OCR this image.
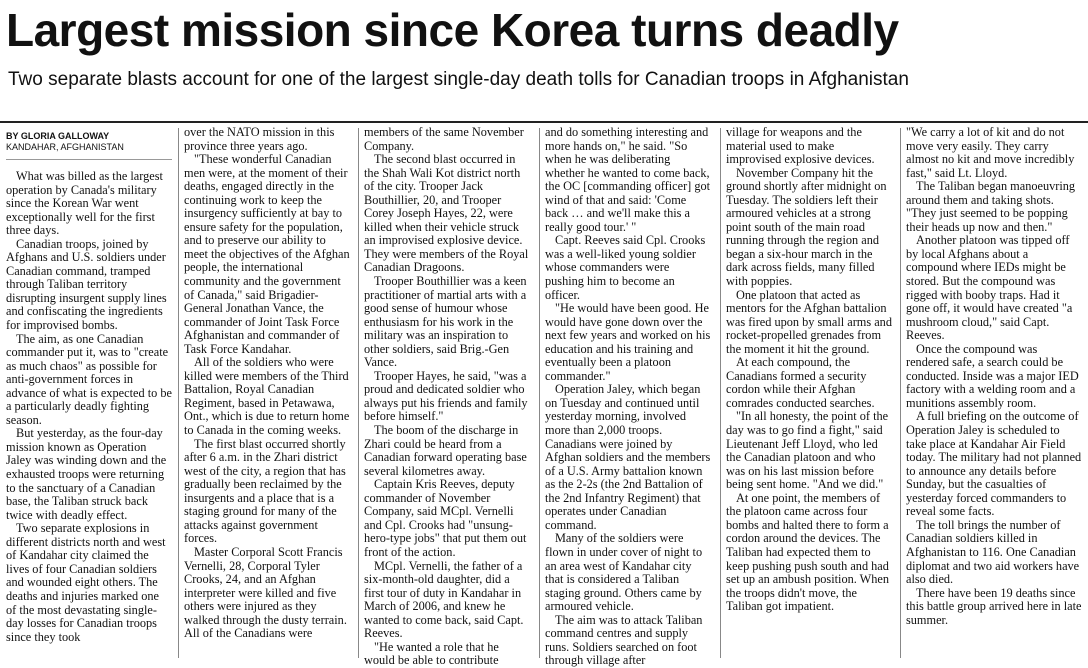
Largest mission since Korea turns deadly

Two separate blasts account for one of the largest single-day death tolls for Canadian troops in Afghanistan

BY GLORIA GALLOWAY
KANDAHAR, AFGHANISTAN

What was billed as the largest operation by Canada's military since the Korean War went exceptionally well for the first three days.

Canadian troops, joined by Afghans and U.S. soldiers under Canadian command, tramped through Taliban territory disrupting insurgent supply lines and confiscating the ingredients for improvised bombs.

The aim, as one Canadian commander put it, was to "create as much chaos" as possible for anti-government forces in advance of what is expected to be a particularly deadly fighting season.

But yesterday, as the four-day mission known as Operation Jaley was winding down and the exhausted troops were returning to the sanctuary of a Canadian base, the Taliban struck back twice with deadly effect.

Two separate explosions in different districts north and west of Kandahar city claimed the lives of four Canadian soldiers and wounded eight others. The deaths and injuries marked one of the most devastating single-day losses for Canadian troops since they took

over the NATO mission in this province three years ago.

"These wonderful Canadian men were, at the moment of their deaths, engaged directly in the continuing work to keep the insurgency sufficiently at bay to ensure safety for the population, and to preserve our ability to meet the objectives of the Afghan people, the international community and the government of Canada," said Brigadier-General Jonathan Vance, the commander of Joint Task Force Afghanistan and commander of Task Force Kandahar.

All of the soldiers who were killed were members of the Third Battalion, Royal Canadian Regiment, based in Petawawa, Ont., which is due to return home to Canada in the coming weeks.

The first blast occurred shortly after 6 a.m. in the Zhari district west of the city, a region that has gradually been reclaimed by the insurgents and a place that is a staging ground for many of the attacks against government forces.

Master Corporal Scott Francis Vernelli, 28, Corporal Tyler Crooks, 24, and an Afghan interpreter were killed and five others were injured as they walked through the dusty terrain. All of the Canadians were

members of the same November Company.

The second blast occurred in the Shah Wali Kot district north of the city. Trooper Jack Bouthillier, 20, and Trooper Corey Joseph Hayes, 22, were killed when their vehicle struck an improvised explosive device. They were members of the Royal Canadian Dragoons.

Trooper Bouthillier was a keen practitioner of martial arts with a good sense of humour whose enthusiasm for his work in the military was an inspiration to other soldiers, said Brig.-Gen Vance.

Trooper Hayes, he said, "was a proud and dedicated soldier who always put his friends and family before himself."

The boom of the discharge in Zhari could be heard from a Canadian forward operating base several kilometres away.

Captain Kris Reeves, deputy commander of November Company, said MCpl. Vernelli and Cpl. Crooks had "unsung-hero-type jobs" that put them out front of the action.

MCpl. Vernelli, the father of a six-month-old daughter, did a first tour of duty in Kandahar in March of 2006, and knew he wanted to come back, said Capt. Reeves.

"He wanted a role that he would be able to contribute

and do something interesting and more hands on," he said. "So when he was deliberating whether he wanted to come back, the OC [commanding officer] got wind of that and said: 'Come back … and we'll make this a really good tour.' "

Capt. Reeves said Cpl. Crooks was a well-liked young soldier whose commanders were pushing him to become an officer.

"He would have been good. He would have gone down over the next few years and worked on his education and his training and eventually been a platoon commander."

Operation Jaley, which began on Tuesday and continued until yesterday morning, involved more than 2,000 troops. Canadians were joined by Afghan soldiers and the members of a U.S. Army battalion known as the 2-2s (the 2nd Battalion of the 2nd Infantry Regiment) that operates under Canadian command.

Many of the soldiers were flown in under cover of night to an area west of Kandahar city that is considered a Taliban staging ground. Others came by armoured vehicle.

The aim was to attack Taliban command centres and supply runs. Soldiers searched on foot through village after

village for weapons and the material used to make improvised explosive devices.

November Company hit the ground shortly after midnight on Tuesday. The soldiers left their armoured vehicles at a strong point south of the main road running through the region and began a six-hour march in the dark across fields, many filled with poppies.

One platoon that acted as mentors for the Afghan battalion was fired upon by small arms and rocket-propelled grenades from the moment it hit the ground.

At each compound, the Canadians formed a security cordon while their Afghan comrades conducted searches.

"In all honesty, the point of the day was to go find a fight," said Lieutenant Jeff Lloyd, who led the Canadian platoon and who was on his last mission before being sent home. "And we did."

At one point, the members of the platoon came across four bombs and halted there to form a cordon around the devices. The Taliban had expected them to keep pushing push south and had set up an ambush position. When the troops didn't move, the Taliban got impatient.

"We carry a lot of kit and do not move very easily. They carry almost no kit and move incredibly fast," said Lt. Lloyd.

The Taliban began manoeuvring around them and taking shots. "They just seemed to be popping their heads up now and then."

Another platoon was tipped off by local Afghans about a compound where IEDs might be stored. But the compound was rigged with booby traps. Had it gone off, it would have created "a mushroom cloud," said Capt. Reeves.

Once the compound was rendered safe, a search could be conducted. Inside was a major IED factory with a welding room and a munitions assembly room.

A full briefing on the outcome of Operation Jaley is scheduled to take place at Kandahar Air Field today. The military had not planned to announce any details before Sunday, but the casualties of yesterday forced commanders to reveal some facts.

The toll brings the number of Canadian soldiers killed in Afghanistan to 116. One Canadian diplomat and two aid workers have also died.

There have been 19 deaths since this battle group arrived here in late summer.
